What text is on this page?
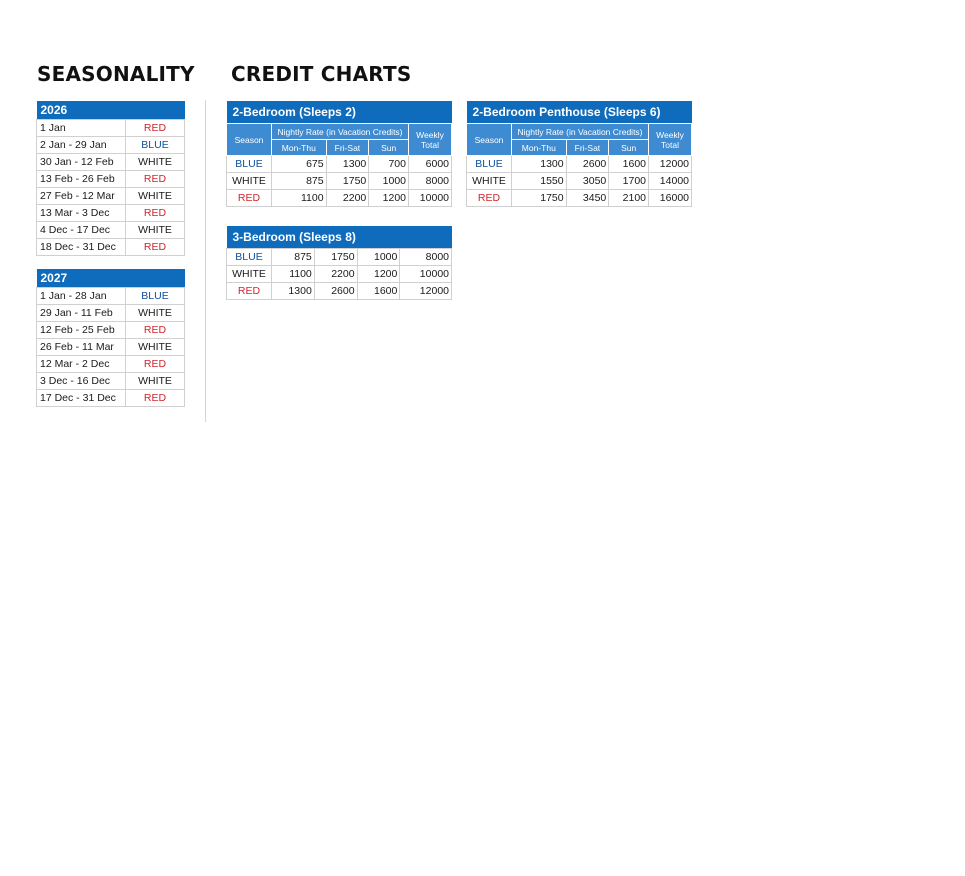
SEASONALITY CREDIT CHARTS
2026	
1 Jan	RED
2 Jan - 29 Jan	BLUE
30 Jan - 12 Feb	WHITE
13 Feb - 26 Feb	RED
27 Feb - 12 Mar	WHITE
13 Mar - 3 Dec	RED
4 Dec - 17 Dec	WHITE
18 Dec - 31 Dec	RED
2027	
1 Jan - 28 Jan	BLUE
29 Jan - 11 Feb	WHITE
12 Feb - 25 Feb	RED
26 Feb - 11 Mar	WHITE
12 Mar - 2 Dec	RED
3 Dec - 16 Dec	WHITE
17 Dec - 31 Dec	RED
2-Bedroom (Sleeps 2)				
Season	Nightly Rate (in Vacation Credits)			Weekly Total
	Mon-Thu	Fri-Sat	Sun	
BLUE	675	1300	700	6000
WHITE	875	1750	1000	8000
RED	1100	2200	1200	10000
2-Bedroom Penthouse (Sleeps 6)				
Season	Nightly Rate (in Vacation Credits)			Weekly Total
	Mon-Thu	Fri-Sat	Sun	
BLUE	1300	2600	1600	12000
WHITE	1550	3050	1700	14000
RED	1750	3450	2100	16000
3-Bedroom (Sleeps 8)				
BLUE	875	1750	1000	8000
WHITE	1100	2200	1200	10000
RED	1300	2600	1600	12000
